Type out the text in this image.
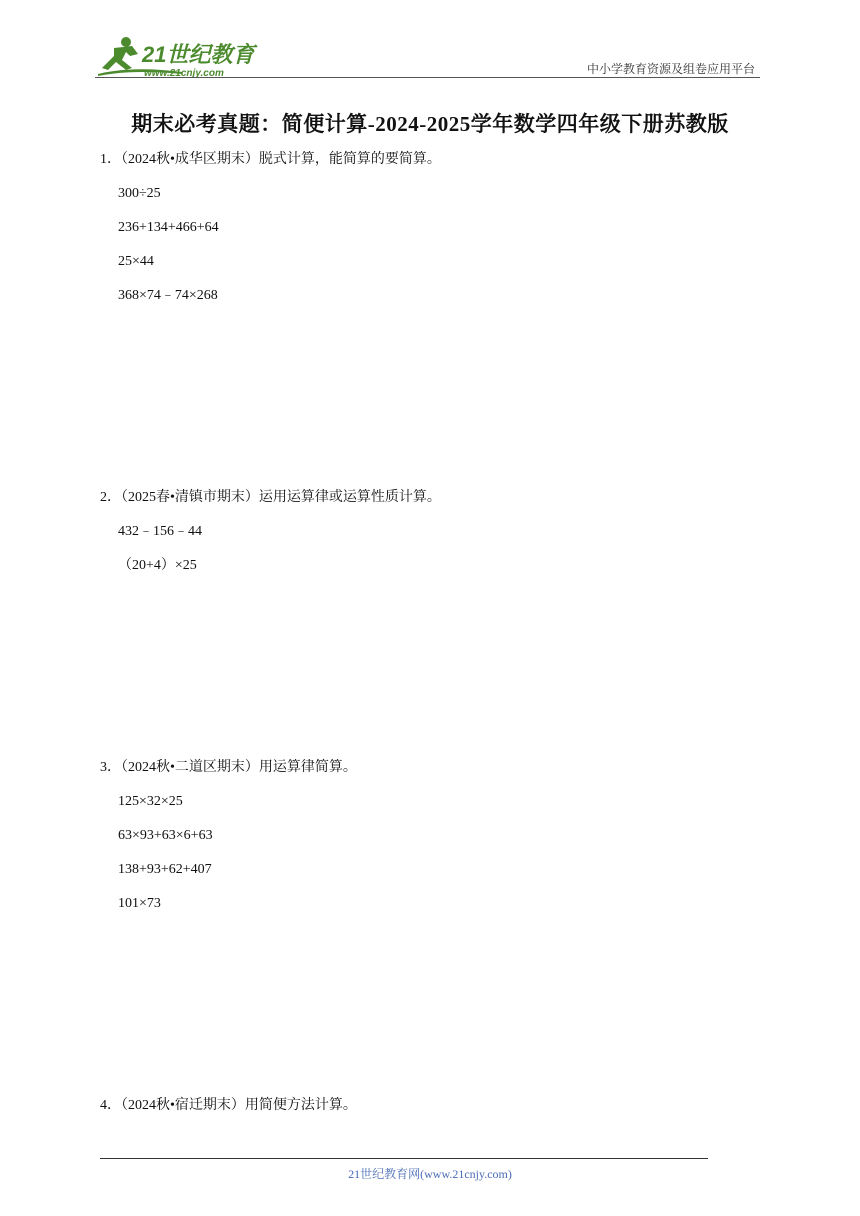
21世纪教育
www.21cnjy.com	中小学教育资源及组卷应用平台
期末必考真题：简便计算-2024-2025学年数学四年级下册苏教版
1．（2024秋•成华区期末）脱式计算，能简算的要简算。
300÷25
236+134+466+64
25×44
368×74﹣74×268
2．（2025春•清镇市期末）运用运算律或运算性质计算。
432﹣156﹣44
（20+4）×25
3．（2024秋•二道区期末）用运算律简算。
125×32×25
63×93+63×6+63
138+93+62+407
101×73
4．（2024秋•宿迁期末）用简便方法计算。
21世纪教育网(www.21cnjy.com)
